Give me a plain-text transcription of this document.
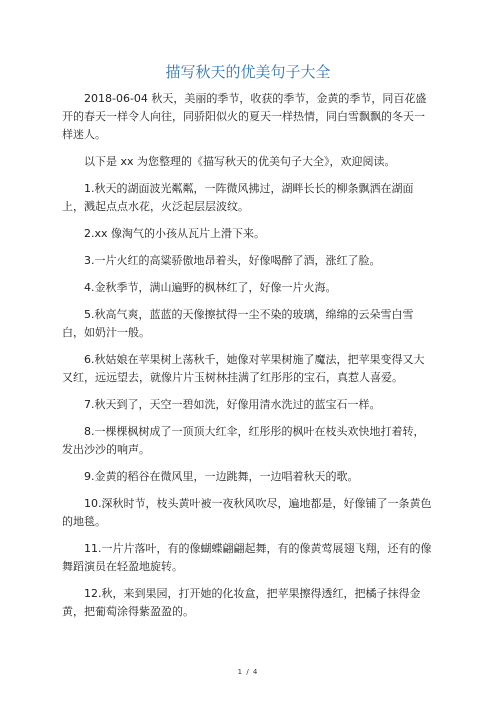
描写秋天的优美句子大全

2018-06-04 秋天，美丽的季节，收获的季节，金黄的季节，同百花盛开的春天一样令人向往，同骄阳似火的夏天一样热情，同白雪飘飘的冬天一样迷人。

以下是 xx 为您整理的《描写秋天的优美句子大全》，欢迎阅读。

1.秋天的湖面波光粼粼，一阵微风拂过，湖畔长长的柳条飘洒在湖面上，溅起点点水花，火泛起层层波纹。

2.xx 像淘气的小孩从瓦片上滑下来。

3.一片火红的高粱骄傲地昂着头，好像喝醉了酒，涨红了脸。

4.金秋季节，满山遍野的枫林红了，好像一片火海。

5.秋高气爽，蓝蓝的天像擦拭得一尘不染的玻璃，绵绵的云朵雪白雪白，如奶汁一般。

6.秋姑娘在苹果树上荡秋千，她像对苹果树施了魔法，把苹果变得又大又红，远远望去，就像片片玉树林挂满了红彤彤的宝石，真惹人喜爱。

7.秋天到了，天空一碧如洗，好像用清水洗过的蓝宝石一样。

8.一棵棵枫树成了一顶顶大红伞，红彤彤的枫叶在枝头欢快地打着转，发出沙沙的响声。

9.金黄的稻谷在微风里，一边跳舞，一边唱着秋天的歌。

10.深秋时节，枝头黄叶被一夜秋风吹尽，遍地都是，好像铺了一条黄色的地毯。

11.一片片落叶，有的像蝴蝶翩翩起舞，有的像黄莺展翅飞翔，还有的像舞蹈演员在轻盈地旋转。

12.秋，来到果园，打开她的化妆盒，把苹果擦得透红，把橘子抹得金黄，把葡萄涂得紫盈盈的。

1 / 4
